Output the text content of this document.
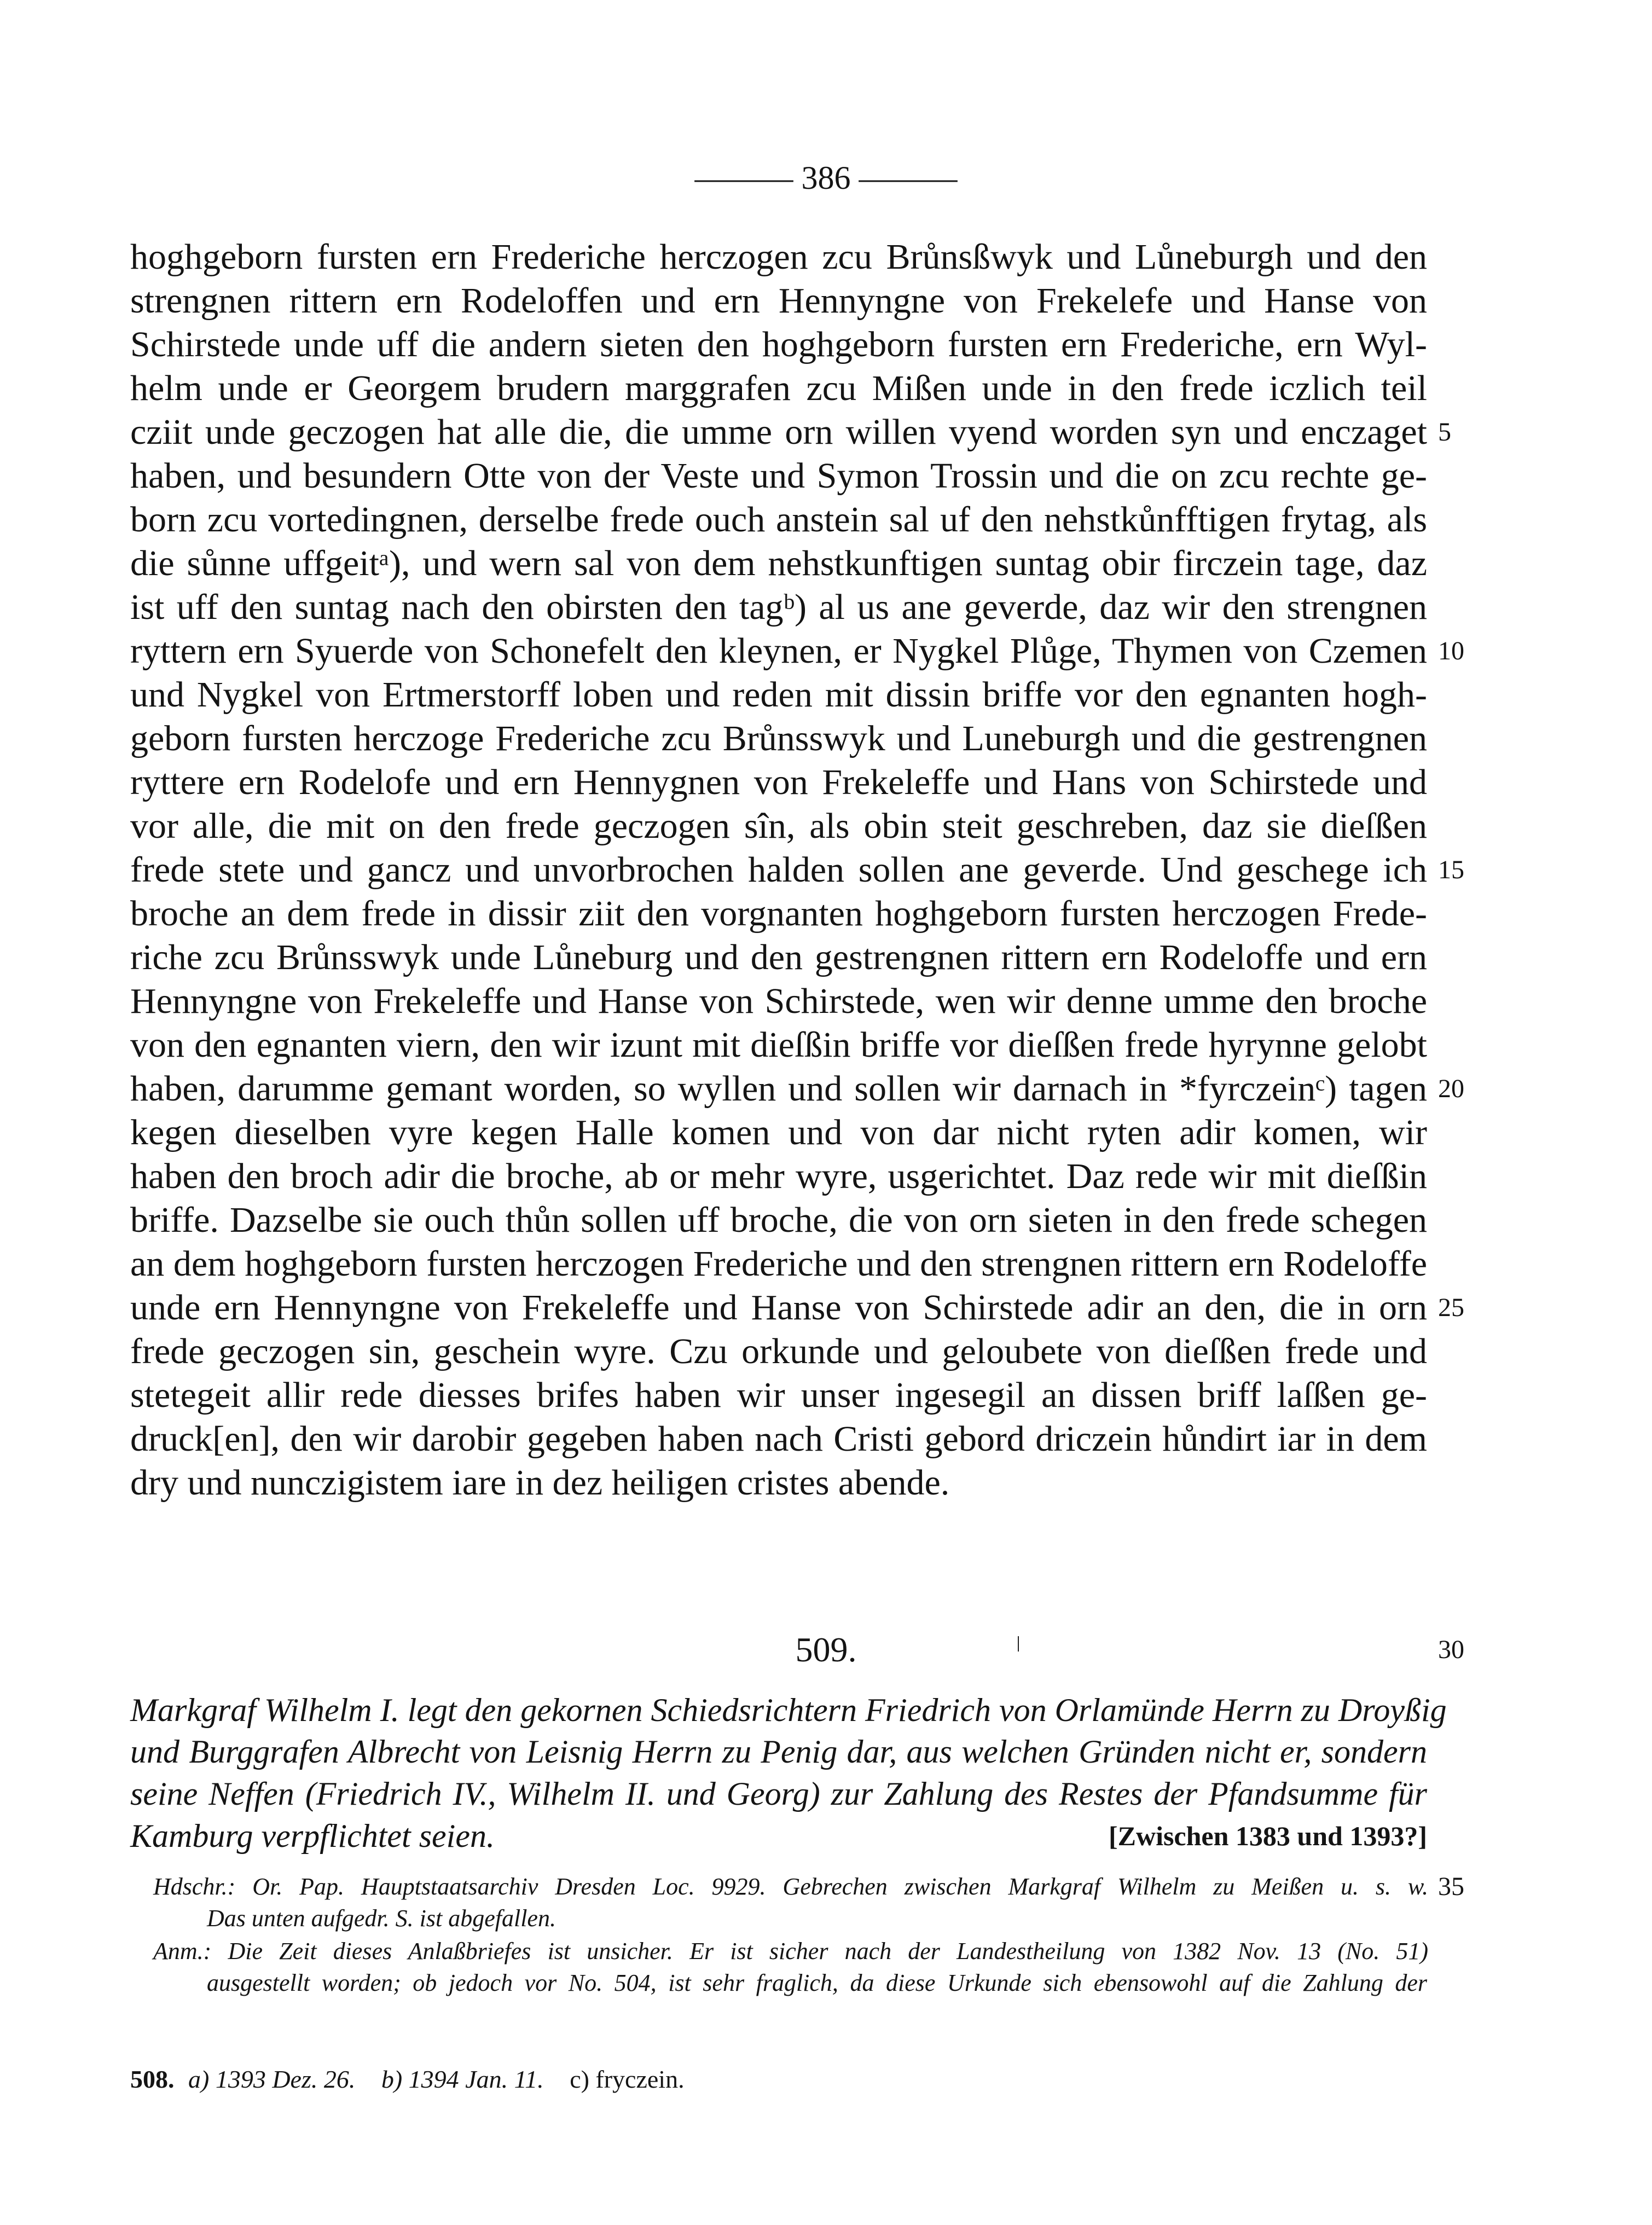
——— 386 ———
hoghgeborn fursten ern Frederiche herczogen zcu Brůnsßwyk und Lůneburgh und den
strengnen rittern ern Rodeloffen und ern Hennyngne von Frekelefe und Hanse von
Schirstede unde uff die andern sieten den hoghgeborn fursten ern Frederiche, ern Wyl-
helm unde er Georgem brudern marggrafen zcu Mißen unde in den frede iczlich teil
cziit unde geczogen hat alle die, die umme orn willen vyend worden syn und enczaget
haben, und besundern Otte von der Veste und Symon Trossin und die on zcu rechte ge-
born zcu vortedingnen, derselbe frede ouch anstein sal uf den nehstkůnfftigen frytag, als
die sůnne uffgeitᵃ), und wern sal von dem nehstkunftigen suntag obir firczein tage, daz
ist uff den suntag nach den obirsten den tagᵇ) al us ane geverde, daz wir den strengnen
ryttern ern Syuerde von Schonefelt den kleynen, er Nygkel Plůge, Thymen von Czemen
und Nygkel von Ertmerstorff loben und reden mit dissin briffe vor den egnanten hogh-
geborn fursten herczoge Frederiche zcu Brůnsswyk und Luneburgh und die gestrengnen
ryttere ern Rodelofe und ern Hennygnen von Frekeleffe und Hans von Schirstede und
vor alle, die mit on den frede geczogen sîn, als obin steit geschreben, daz sie dieſßen
frede stete und gancz und unvorbrochen halden sollen ane geverde. Und geschege ich
broche an dem frede in dissir ziit den vorgnanten hoghgeborn fursten herczogen Frede-
riche zcu Brůnsswyk unde Lůneburg und den gestrengnen rittern ern Rodeloffe und ern
Hennyngne von Frekeleffe und Hanse von Schirstede, wen wir denne umme den broche
von den egnanten viern, den wir izunt mit dieſßin briffe vor dieſßen frede hyrynne gelobt
haben, darumme gemant worden, so wyllen und sollen wir darnach in *fyrczeinᶜ) tagen
kegen dieselben vyre kegen Halle komen und von dar nicht ryten adir komen, wir
haben den broch adir die broche, ab or mehr wyre, usgerichtet. Daz rede wir mit dieſßin
briffe. Dazselbe sie ouch thůn sollen uff broche, die von orn sieten in den frede schegen
an dem hoghgeborn fursten herczogen Frederiche und den strengnen rittern ern Rodeloffe
unde ern Hennyngne von Frekeleffe und Hanse von Schirstede adir an den, die in orn
frede geczogen sin, geschein wyre. Czu orkunde und geloubete von dieſßen frede und
stetegeit allir rede diesses brifes haben wir unser ingesegil an dissen briff laſßen ge-
druck[en], den wir darobir gegeben haben nach Cristi gebord driczein hůndirt iar in dem
dry und nunczigistem iare in dez heiligen cristes abende.
5
10
15
20
25
30
35
509.	ǀ
Markgraf Wilhelm I. legt den gekornen Schiedsrichtern Friedrich von Orlamünde Herrn zu Droyßig
und Burggrafen Albrecht von Leisnig Herrn zu Penig dar, aus welchen Gründen nicht er, sondern
seine Neffen (Friedrich IV., Wilhelm II. und Georg) zur Zahlung des Restes der Pfandsumme für
Kamburg verpflichtet seien.	[Zwischen 1383 und 1393?]
Hdschr.: Or. Pap. Hauptstaatsarchiv Dresden Loc. 9929. Gebrechen zwischen Markgraf Wilhelm zu Meißen u. s. w.
Das unten aufgedr. S. ist abgefallen.
Anm.: Die Zeit dieses Anlaßbriefes ist unsicher. Er ist sicher nach der Landestheilung von 1382 Nov. 13 (No. 51)
ausgestellt worden; ob jedoch vor No. 504, ist sehr fraglich, da diese Urkunde sich ebensowohl auf die Zahlung der
508. a) 1393 Dez. 26. b) 1394 Jan. 11. c) fryczein.
